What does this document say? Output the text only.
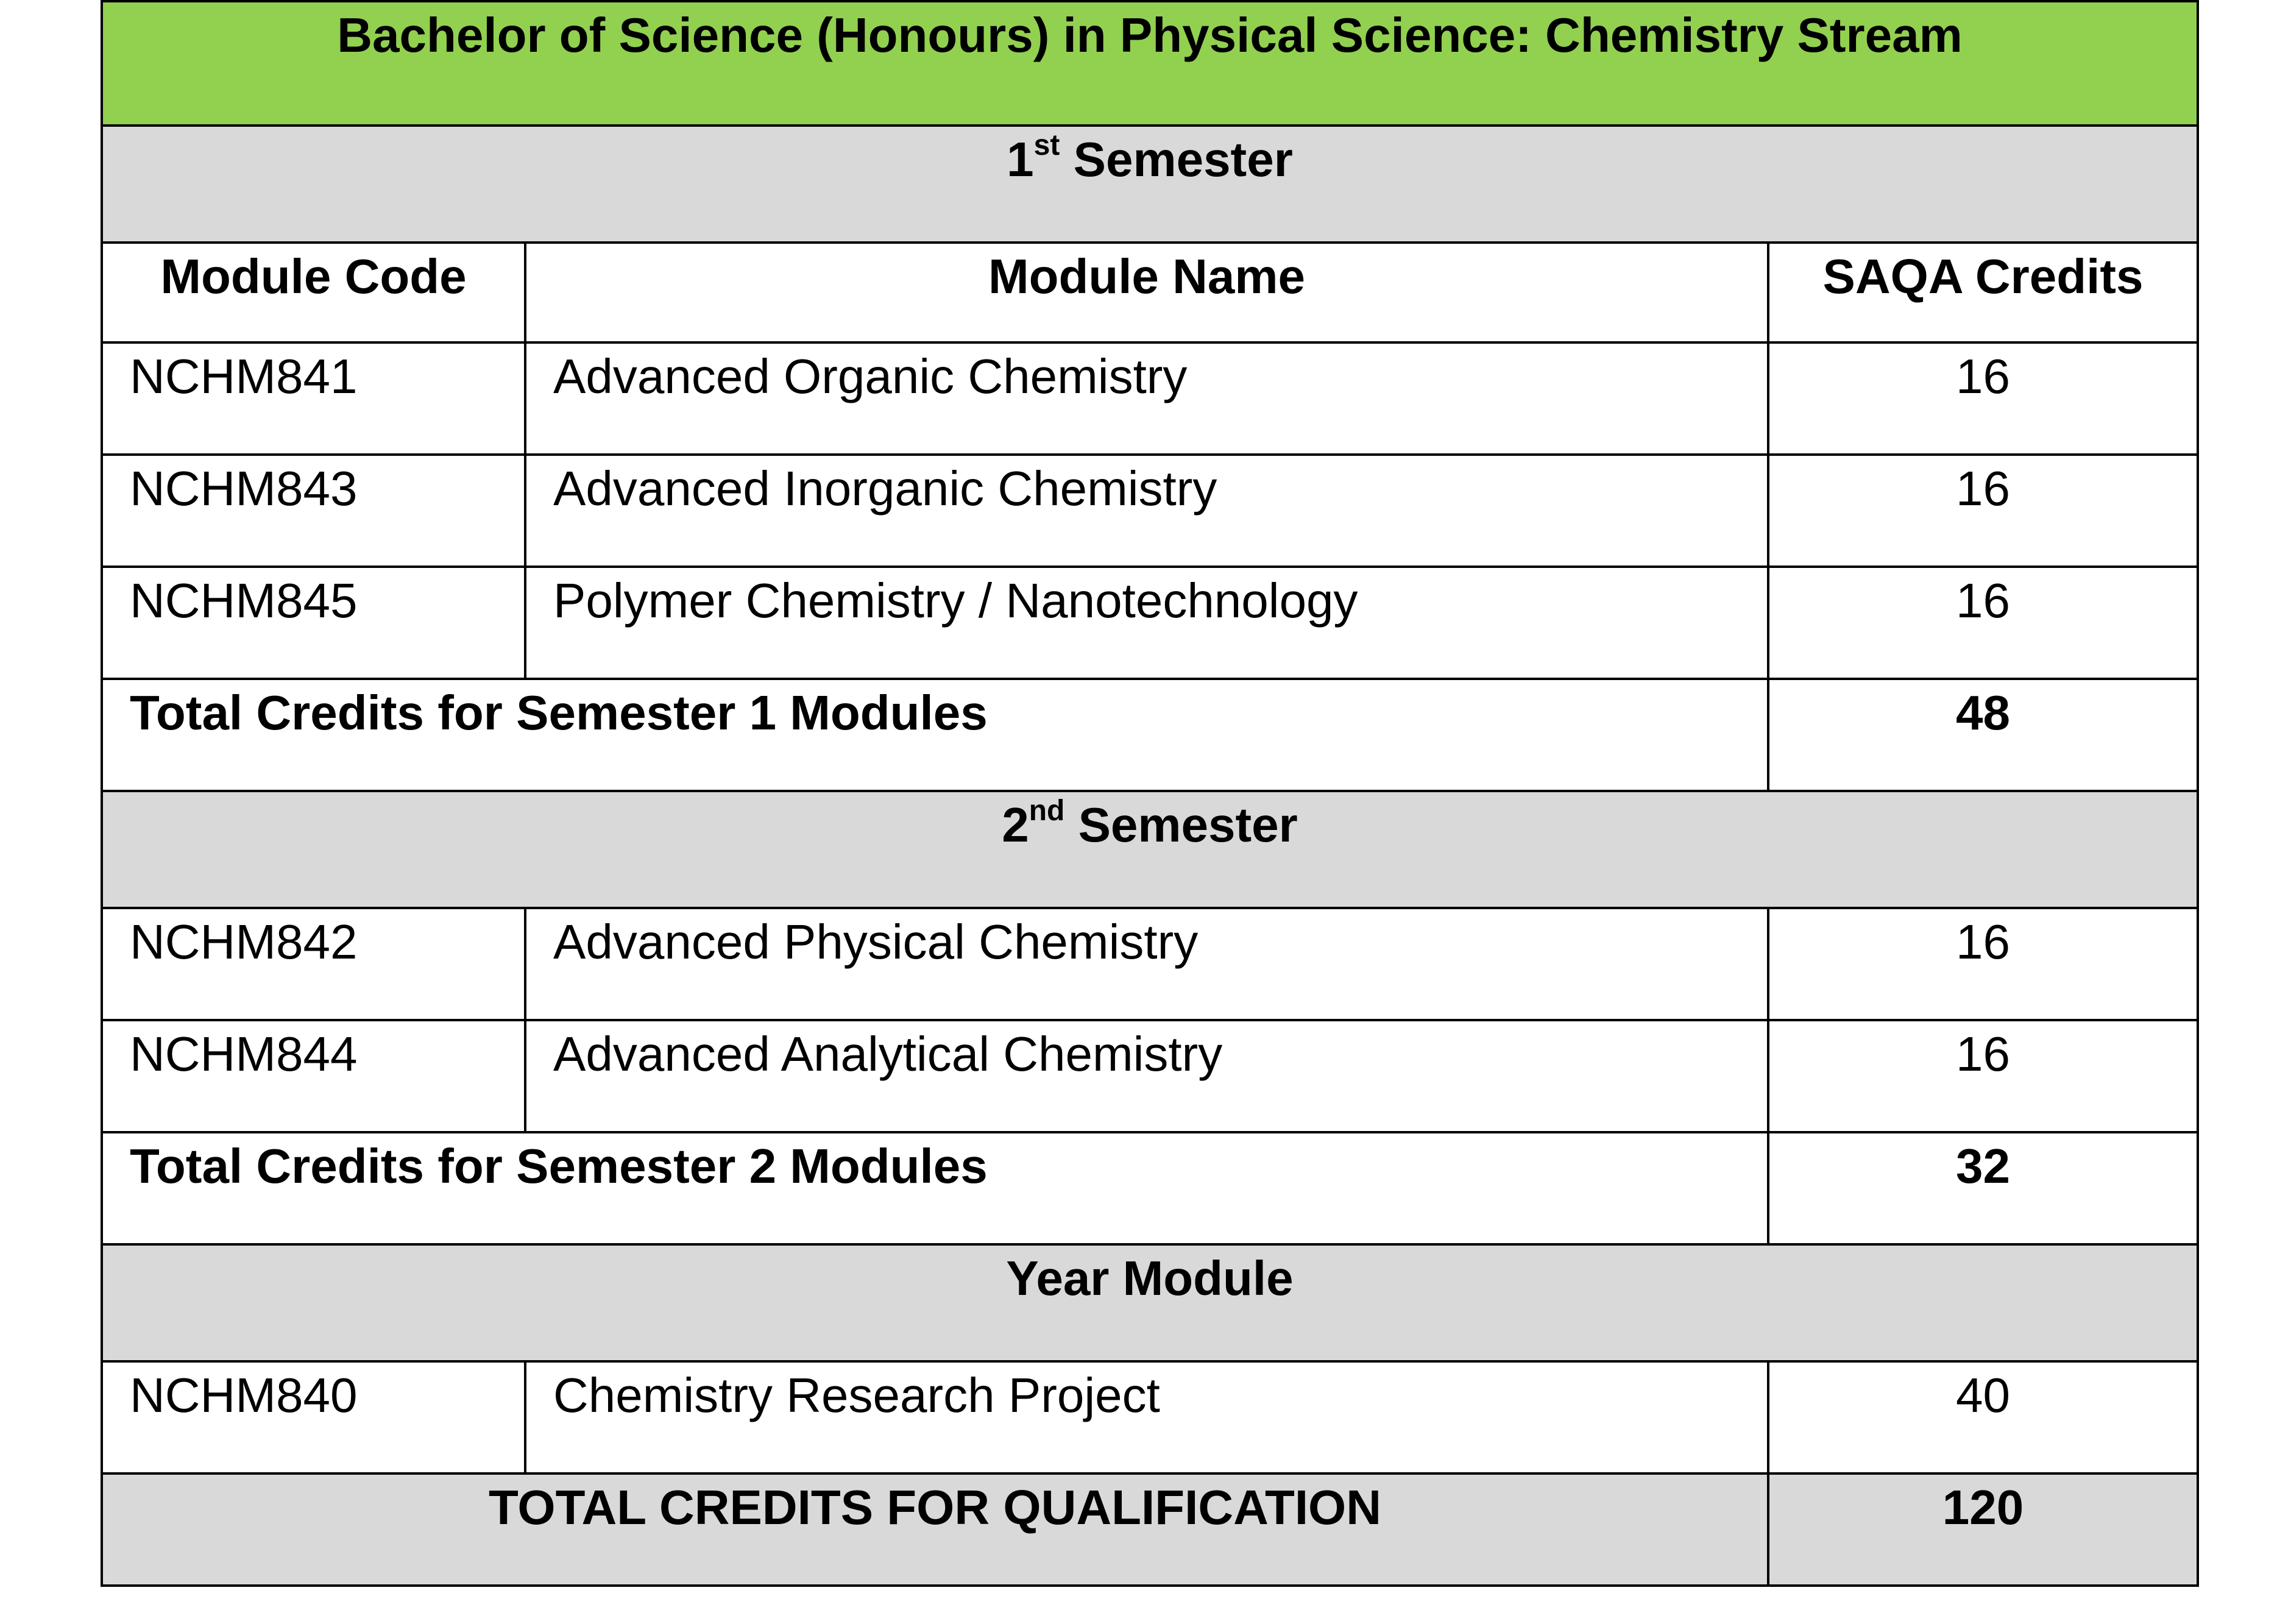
Bachelor of Science (Honours) in Physical Science: Chemistry Stream		
1st Semester		
Module Code	Module Name	SAQA Credits
NCHM841	Advanced Organic Chemistry	16
NCHM843	Advanced Inorganic Chemistry	16
NCHM845	Polymer Chemistry / Nanotechnology	16
Total Credits for Semester 1 Modules		48
2nd Semester		
NCHM842	Advanced Physical Chemistry	16
NCHM844	Advanced Analytical Chemistry	16
Total Credits for Semester 2 Modules		32
Year Module		
NCHM840	Chemistry Research Project	40
TOTAL CREDITS FOR QUALIFICATION		120
